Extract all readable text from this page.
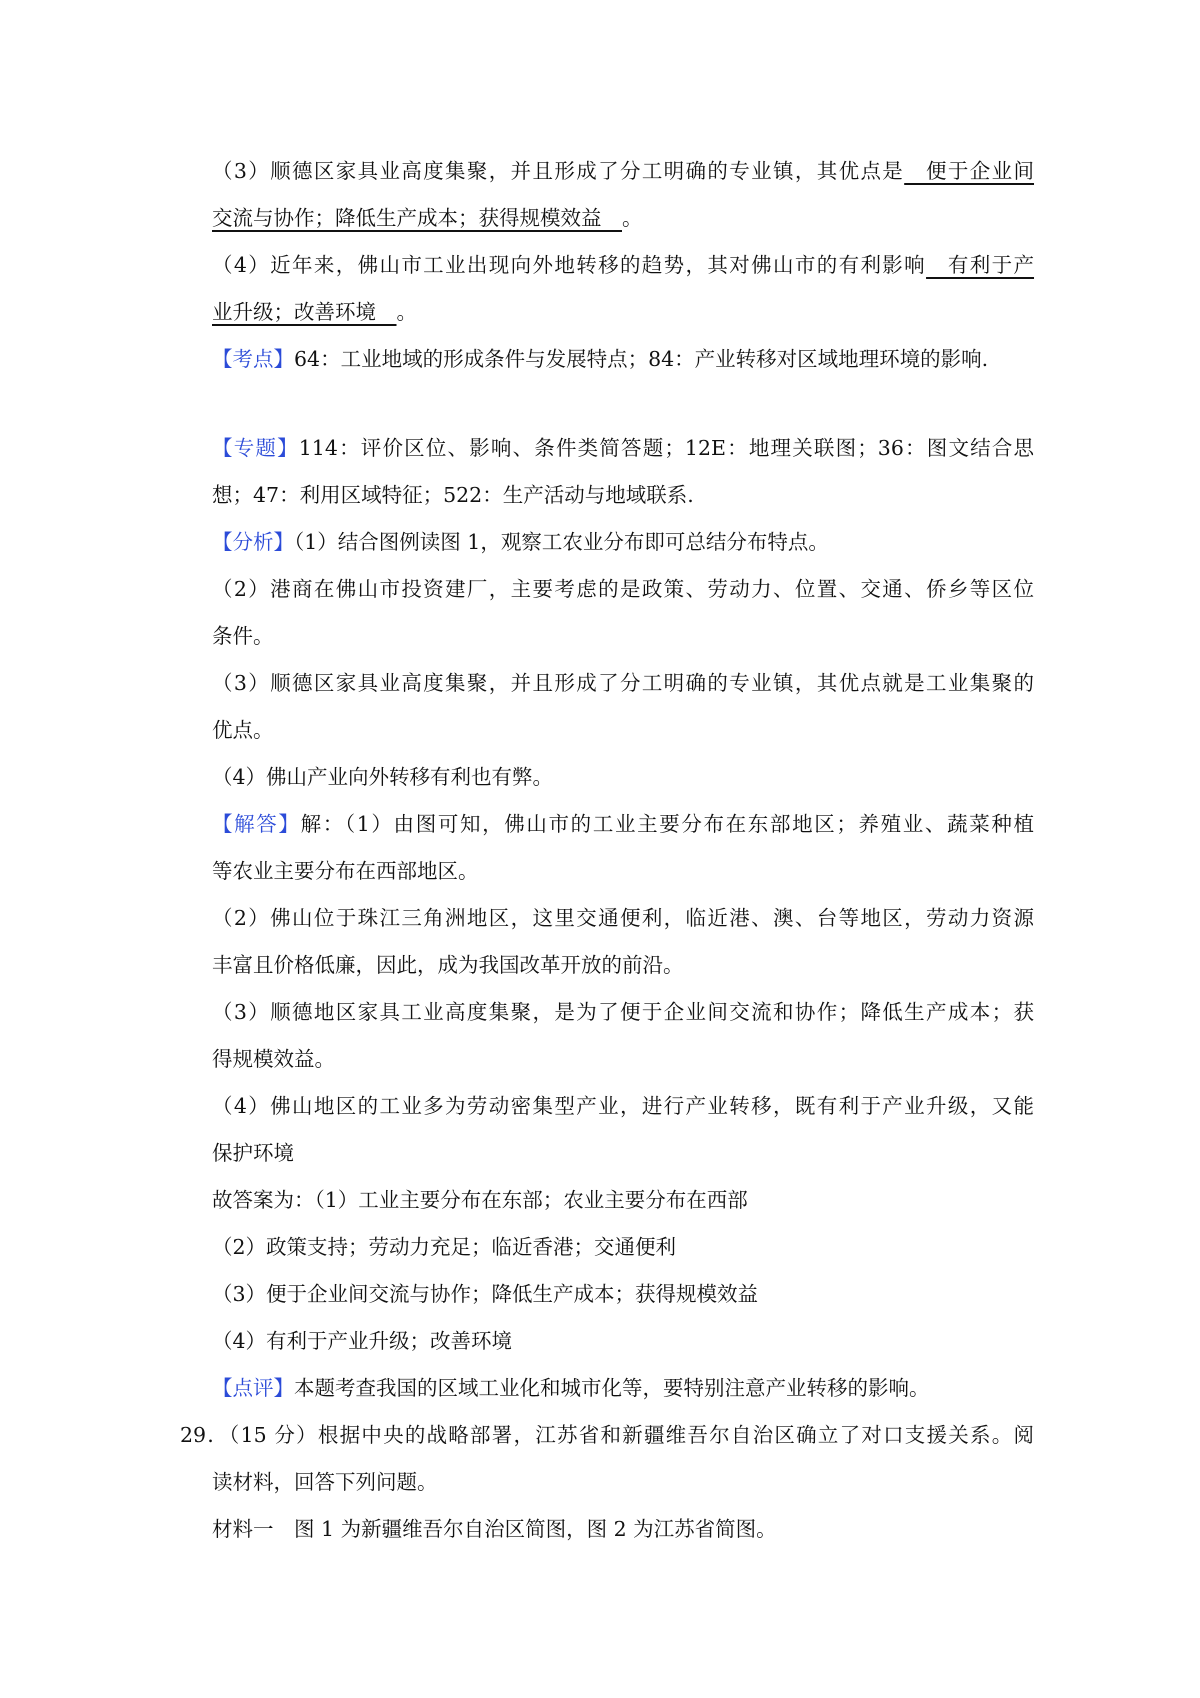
（3）顺德区家具业高度集聚，并且形成了分工明确的专业镇，其优点是　便于企业间
交流与协作；降低生产成本；获得规模效益　。
（4）近年来，佛山市工业出现向外地转移的趋势，其对佛山市的有利影响　有利于产
业升级；改善环境　。
【考点】64：工业地域的形成条件与发展特点；84：产业转移对区域地理环境的影响.
【专题】114：评价区位、影响、条件类简答题；12E：地理关联图；36：图文结合思
想；47：利用区域特征；522：生产活动与地域联系.
【分析】（1）结合图例读图 1，观察工农业分布即可总结分布特点。
（2）港商在佛山市投资建厂，主要考虑的是政策、劳动力、位置、交通、侨乡等区位
条件。
（3）顺德区家具业高度集聚，并且形成了分工明确的专业镇，其优点就是工业集聚的
优点。
（4）佛山产业向外转移有利也有弊。
【解答】解：（1）由图可知，佛山市的工业主要分布在东部地区；养殖业、蔬菜种植
等农业主要分布在西部地区。
（2）佛山位于珠江三角洲地区，这里交通便利，临近港、澳、台等地区，劳动力资源
丰富且价格低廉，因此，成为我国改革开放的前沿。
（3）顺德地区家具工业高度集聚，是为了便于企业间交流和协作；降低生产成本；获
得规模效益。
（4）佛山地区的工业多为劳动密集型产业，进行产业转移，既有利于产业升级，又能
保护环境
故答案为：（1）工业主要分布在东部；农业主要分布在西部
（2）政策支持；劳动力充足；临近香港；交通便利
（3）便于企业间交流与协作；降低生产成本；获得规模效益
（4）有利于产业升级；改善环境
【点评】本题考查我国的区域工业化和城市化等，要特别注意产业转移的影响。
29．（15 分）根据中央的战略部署，江苏省和新疆维吾尔自治区确立了对口支援关系。阅
读材料，回答下列问题。
材料一　图 1 为新疆维吾尔自治区简图，图 2 为江苏省简图。
